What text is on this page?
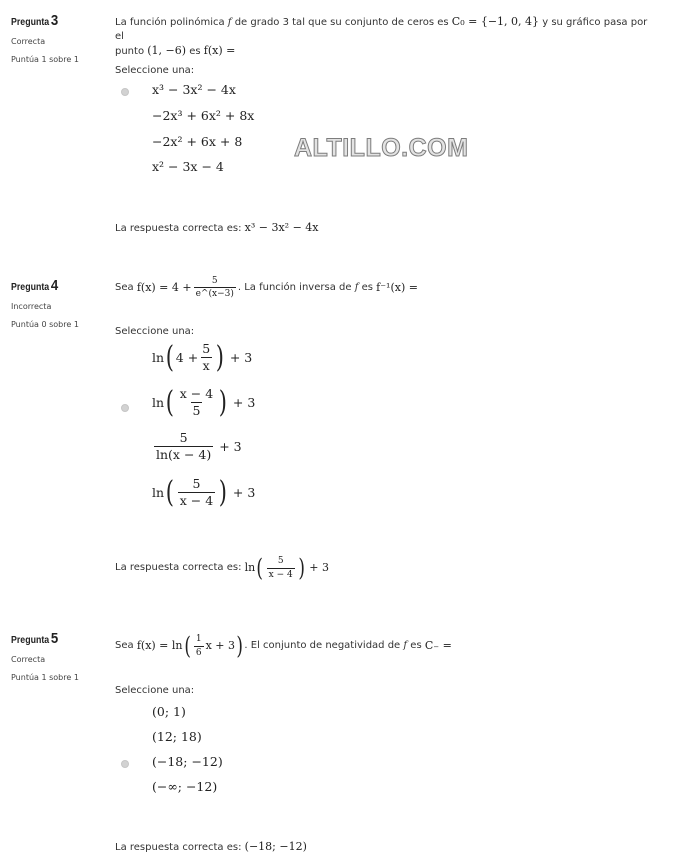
ALTILLO.COM
Pregunta 3
Correcta
Puntúa 1 sobre 1
La función polinómica f de grado 3 tal que su conjunto de ceros es C₀ = {−1, 0, 4} y su gráfico pasa por el
punto (1, −6) es f(x) =
Seleccione una:
x³ − 3x² − 4x
−2x³ + 6x² + 8x
−2x² + 6x + 8
x² − 3x − 4
La respuesta correcta es: x³ − 3x² − 4x
Pregunta 4
Incorrecta
Puntúa 0 sobre 1
Sea
$f(x) = 4 + \frac{5}{e\^{}(x-3)}$ . La función inversa de
f
es
f⁻¹(x) =
Seleccione una:
ln ( $4 + \frac{5}{x}$ )
+ 3
ln ( $\frac{x - 4}{5}$ )
+ 3
$\frac{5}{\ln(x - 4)}$
+ 3
ln ( $\frac{5}{x - 4}$ )
+ 3
La respuesta correcta es:
ln ( $\frac{5}{x - 4}$ )
+ 3
Pregunta 5
Correcta
Puntúa 1 sobre 1
Sea
f(x) = ln ( $\frac{1}{6}$ x + 3 ) . El conjunto de negatividad de
f
es
C₋ =
Seleccione una:
(0; 1)
(12; 18)
(−18; −12)
(−∞; −12)
La respuesta correcta es: (−18; −12)
